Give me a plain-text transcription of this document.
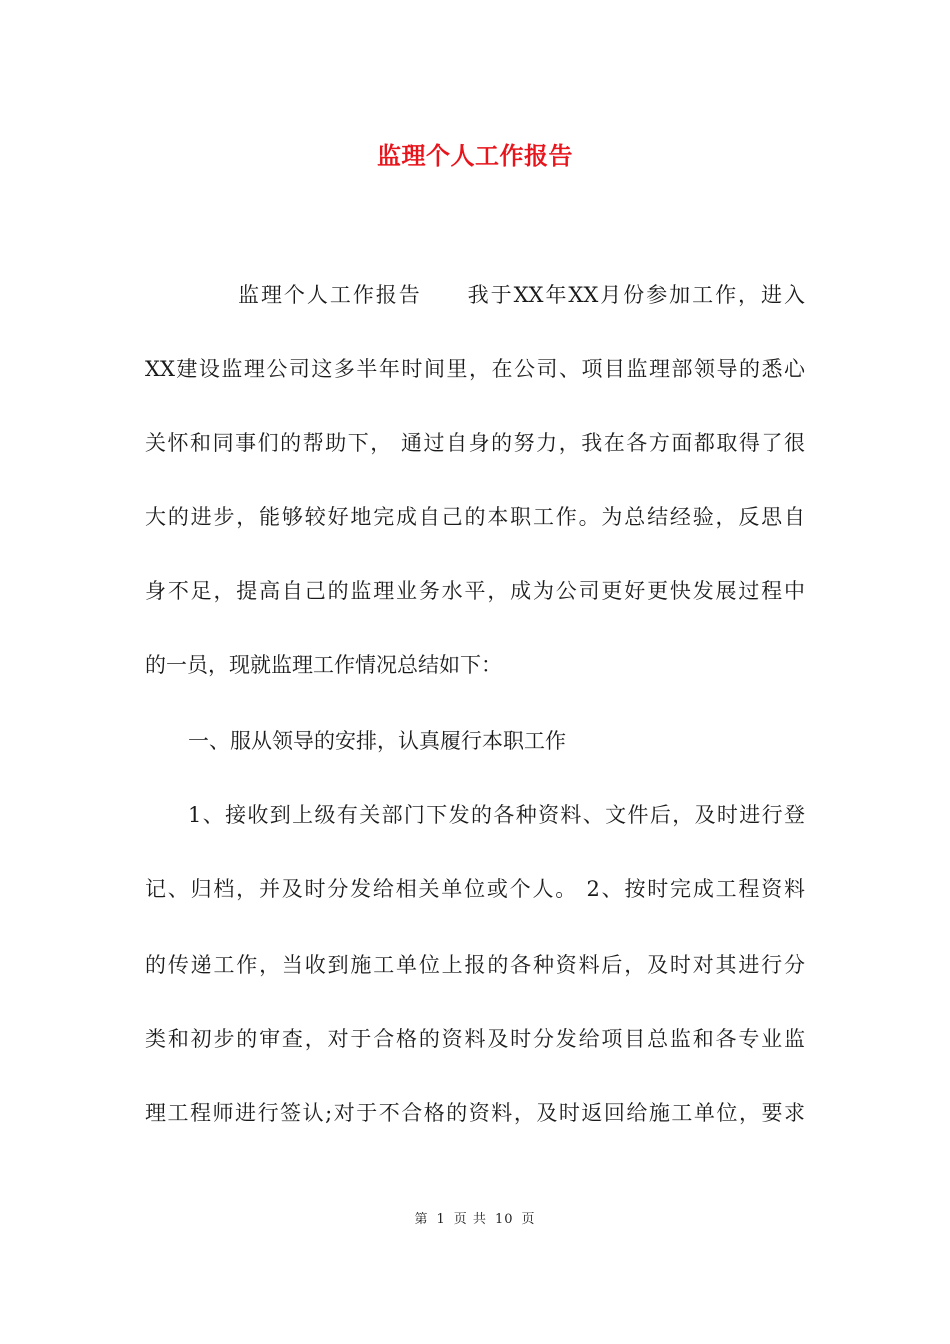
监理个人工作报告
监理个人工作报告　　我于XX年XX月份参加工作，进入
XX建设监理公司这多半年时间里，在公司、项目监理部领导的悉心
关怀和同事们的帮助下， 通过自身的努力，我在各方面都取得了很
大的进步，能够较好地完成自己的本职工作。为总结经验，反思自
身不足，提高自己的监理业务水平，成为公司更好更快发展过程中
的一员，现就监理工作情况总结如下：
一、服从领导的安排，认真履行本职工作
1、接收到上级有关部门下发的各种资料、文件后，及时进行登
记、归档，并及时分发给相关单位或个人。 2、按时完成工程资料
的传递工作，当收到施工单位上报的各种资料后，及时对其进行分
类和初步的审查，对于合格的资料及时分发给项目总监和各专业监
理工程师进行签认;对于不合格的资料，及时返回给施工单位，要求
第 1 页 共 10 页
